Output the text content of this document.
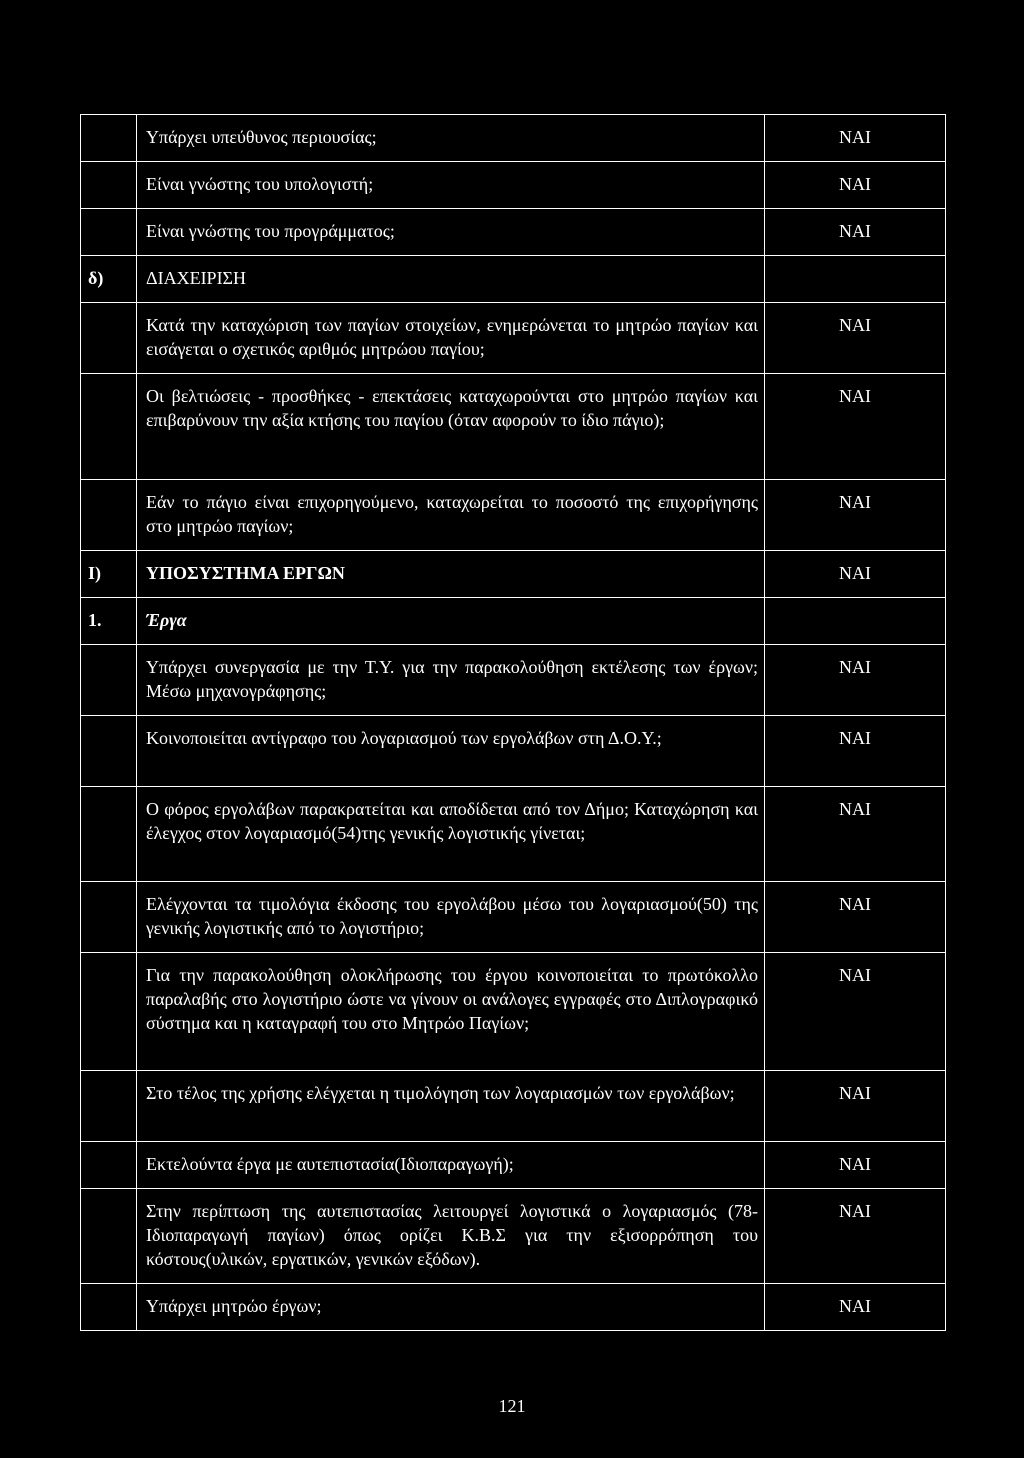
	Υπάρχει υπεύθυνος περιουσίας;	ΝΑΙ
	Είναι γνώστης του υπολογιστή;	ΝΑΙ
	Είναι γνώστης του προγράμματος;	ΝΑΙ
δ)	ΔΙΑΧΕΙΡΙΣΗ	
	Κατά την καταχώριση των παγίων στοιχείων, ενημερώνεται το μητρώο παγίων και εισάγεται ο σχετικός αριθμός μητρώου παγίου;	ΝΑΙ
	Οι βελτιώσεις - προσθήκες - επεκτάσεις καταχωρούνται στο μητρώο παγίων και επιβαρύνουν την αξία κτήσης του παγίου (όταν αφορούν το ίδιο πάγιο);	ΝΑΙ
	Εάν το πάγιο είναι επιχορηγούμενο, καταχωρείται το ποσοστό της επιχορήγησης στο μητρώο παγίων;	ΝΑΙ
I)	ΥΠΟΣΥΣΤΗΜΑ ΕΡΓΩΝ	ΝΑΙ
1.	Έργα	
	Υπάρχει συνεργασία με την Τ.Υ. για την παρακολούθηση εκτέλεσης των έργων; Μέσω μηχανογράφησης;	ΝΑΙ
	Κοινοποιείται αντίγραφο του λογαριασμού των εργολάβων στη Δ.Ο.Υ.;	ΝΑΙ
	Ο φόρος εργολάβων παρακρατείται και αποδίδεται από τον Δήμο; Καταχώρηση και έλεγχος στον λογαριασμό(54)της γενικής λογιστικής γίνεται;	ΝΑΙ
	Ελέγχονται τα τιμολόγια έκδοσης του εργολάβου μέσω του λογαριασμού(50) της γενικής λογιστικής από το λογιστήριο;	ΝΑΙ
	Για την παρακολούθηση ολοκλήρωσης του έργου κοινοποιείται το πρωτόκολλο παραλαβής στο λογιστήριο ώστε να γίνουν οι ανάλογες εγγραφές στο Διπλογραφικό σύστημα και η καταγραφή του στο Μητρώο Παγίων;	ΝΑΙ
	Στο τέλος της χρήσης ελέγχεται η τιμολόγηση των λογαριασμών των εργολάβων;	ΝΑΙ
	Εκτελούντα έργα με αυτεπιστασία(Ιδιοπαραγωγή);	ΝΑΙ
	Στην περίπτωση της αυτεπιστασίας λειτουργεί λογιστικά ο λογαριασμός (78-Ιδιοπαραγωγή παγίων) όπως ορίζει Κ.Β.Σ για την εξισορρόπηση του κόστους(υλικών, εργατικών, γενικών εξόδων).	ΝΑΙ
	Υπάρχει μητρώο έργων;	ΝΑΙ
121
